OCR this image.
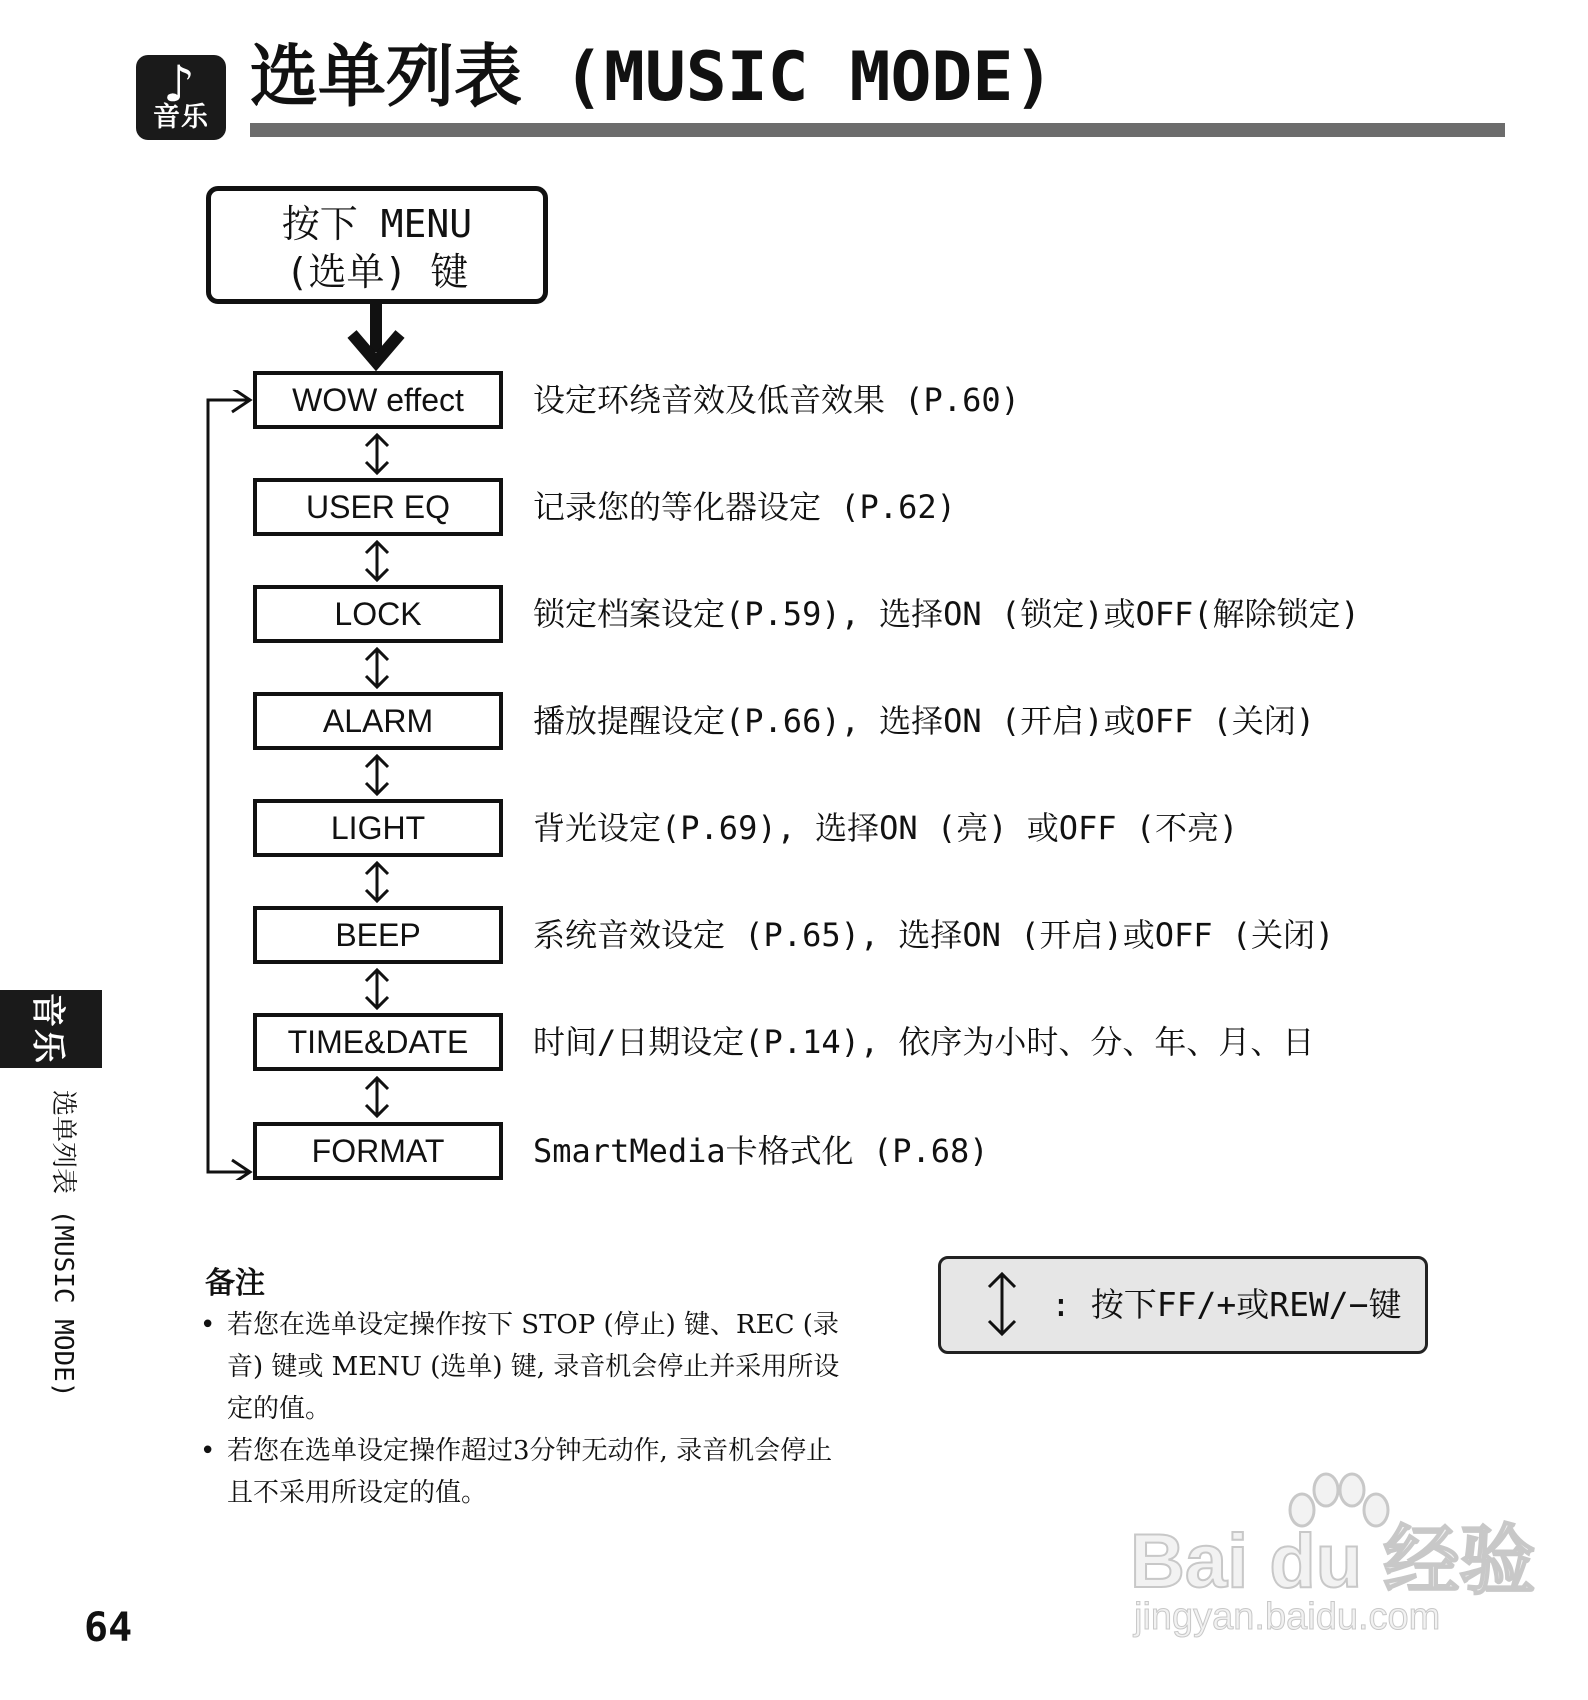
♪
音乐
选单列表 (MUSIC MODE)
按下 MENU
(选单) 键
WOW effect	设定环绕音效及低音效果 (P.60)
USER EQ	记录您的等化器设定 (P.62)
LOCK	锁定档案设定(P.59), 选择ON (锁定)或OFF(解除锁定)
ALARM	播放提醒设定(P.66), 选择ON (开启)或OFF (关闭)
LIGHT	背光设定(P.69), 选择ON (亮) 或OFF (不亮)
BEEP	系统音效设定 (P.65), 选择ON (开启)或OFF (关闭)
TIME&DATE	时间/日期设定(P.14), 依序为小时、分、年、月、日
FORMAT	SmartMedia卡格式化 (P.68)
音乐
选单列表 (MUSIC MODE)	备注
• 若您在选单设定操作按下 STOP (停止) 键、REC (录音) 键或 MENU (选单) 键, 录音机会停止并采用所设定的值。
• 若您在选单设定操作超过3分钟无动作, 录音机会停止且不采用所设定的值。
: 按下FF/+或REW/−键
64
Bai du 经验
jingyan.baidu.com
